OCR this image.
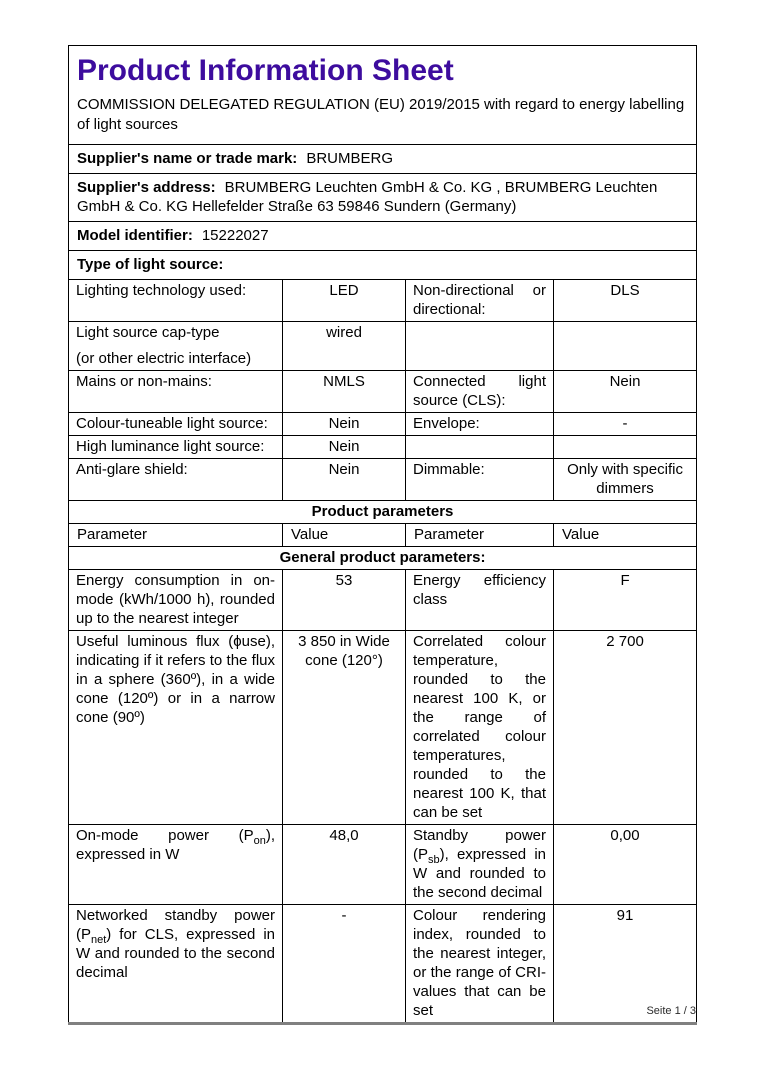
Product Information Sheet
COMMISSION DELEGATED REGULATION (EU) 2019/2015 with regard to energy labelling of light sources			

Supplier's name or trade mark: BRUMBERG			
Supplier's address: BRUMBERG Leuchten GmbH & Co. KG , BRUMBERG Leuchten GmbH & Co. KG Hellefelder Straße 63 59846 Sundern (Germany)			
Model identifier: 15222027			
Type of light source:			
Lighting technology used:	LED	Non-directional or directional:	DLS

Light source cap-type
(or other electric interface)	wired		
Mains or non-mains:	NMLS	Connected light source (CLS):	Nein
Colour-tuneable light source:	Nein	Envelope:	-
High luminance light source:	Nein		
Anti-glare shield:	Nein	Dimmable:	Only with specific dimmers
Product parameters			
Parameter	Value	Parameter	Value
General product parameters:			
Energy consumption in on-mode (kWh/1000 h), rounded up to the nearest integer	53	Energy efficiency class	F
Useful luminous flux (ϕuse), indicating if it refers to the flux in a sphere (360º), in a wide cone (120º) or in a narrow cone (90º)	3 850 in Wide cone (120°)	Correlated colour temperature, rounded to the nearest 100 K, or the range of correlated colour temperatures, rounded to the nearest 100 K, that can be set	2 700
On-mode power $(P_{on})$, expressed in W	48,0	Standby power $(P_{sb})$, expressed in W and rounded to the second decimal	0,00
Networked standby power $(P_{net})$ for CLS, expressed in W and rounded to the second decimal	-	Colour rendering index, rounded to the nearest integer, or the range of CRI-values that can be set	91
Seite 1 / 3
